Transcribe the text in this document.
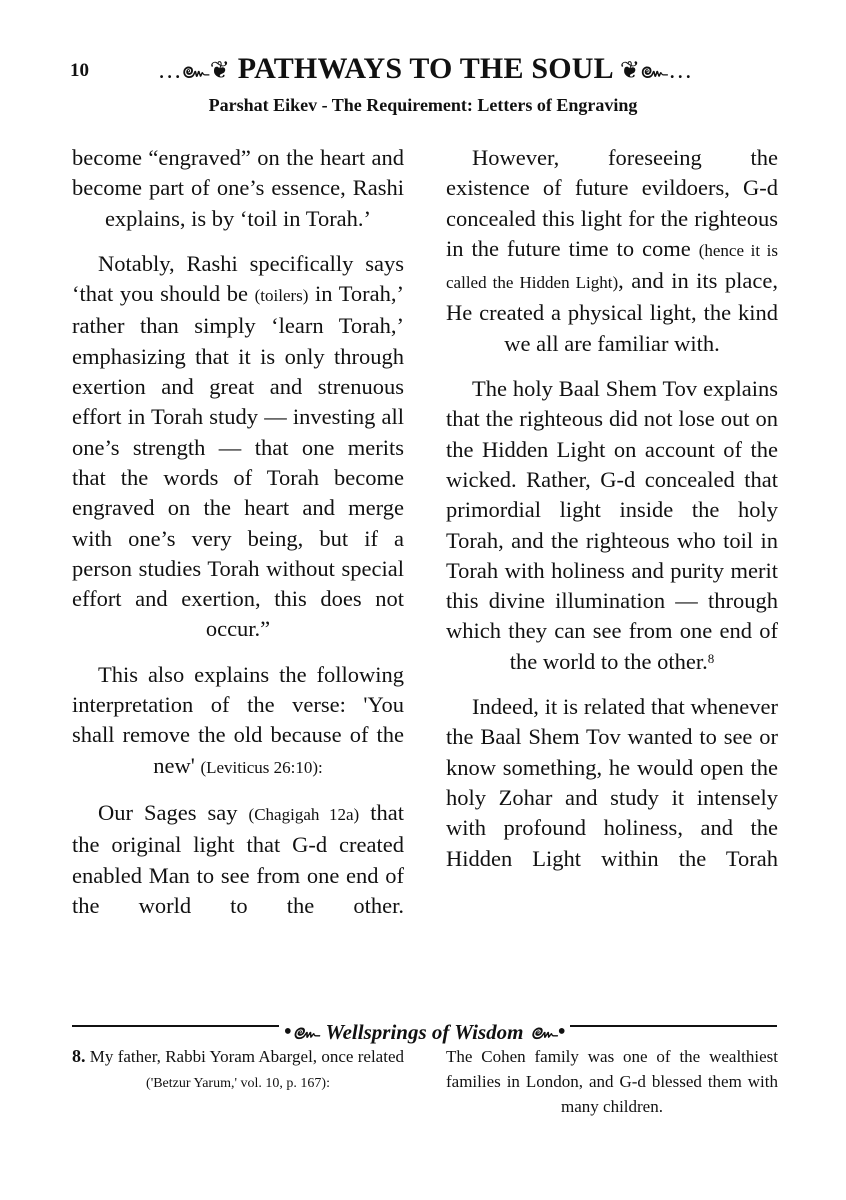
10	…๛❦ PATHWAYS TO THE SOUL ❦๛…
Parshat Eikev - The Requirement: Letters of Engraving

become “engraved” on the heart and become part of one’s essence, Rashi explains, is by ‘toil in Torah.’

Notably, Rashi specifically says ‘that you should be (toilers) in Torah,’ rather than simply ‘learn Torah,’ emphasizing that it is only through exertion and great and strenuous effort in Torah study — investing all one’s strength — that one merits that the words of Torah become engraved on the heart and merge with one’s very being, but if a person studies Torah without special effort and exertion, this does not occur.”

This also explains the following interpretation of the verse: 'You shall remove the old because of the new' (Leviticus 26:10):

Our Sages say (Chagigah 12a) that the original light that G-d created enabled Man to see from one end of the world to the other.

However, foreseeing the existence of future evildoers, G-d concealed this light for the righteous in the future time to come (hence it is called the Hidden Light), and in its place, He created a physical light, the kind we all are familiar with.

The holy Baal Shem Tov explains that the righteous did not lose out on the Hidden Light on account of the wicked. Rather, G-d concealed that primordial light inside the holy Torah, and the righteous who toil in Torah with holiness and purity merit this divine illumination — through which they can see from one end of the world to the other.$^8$

Indeed, it is related that whenever the Baal Shem Tov wanted to see or know something, he would open the holy Zohar and study it intensely with profound holiness, and the Hidden Light within the Torah

•๛ Wellsprings of Wisdom ๛•
8. My father, Rabbi Yoram Abargel, once related ('Betzur Yarum,' vol. 10, p. 167):
The Cohen family was one of the wealthiest families in London, and G-d blessed them with many children.
